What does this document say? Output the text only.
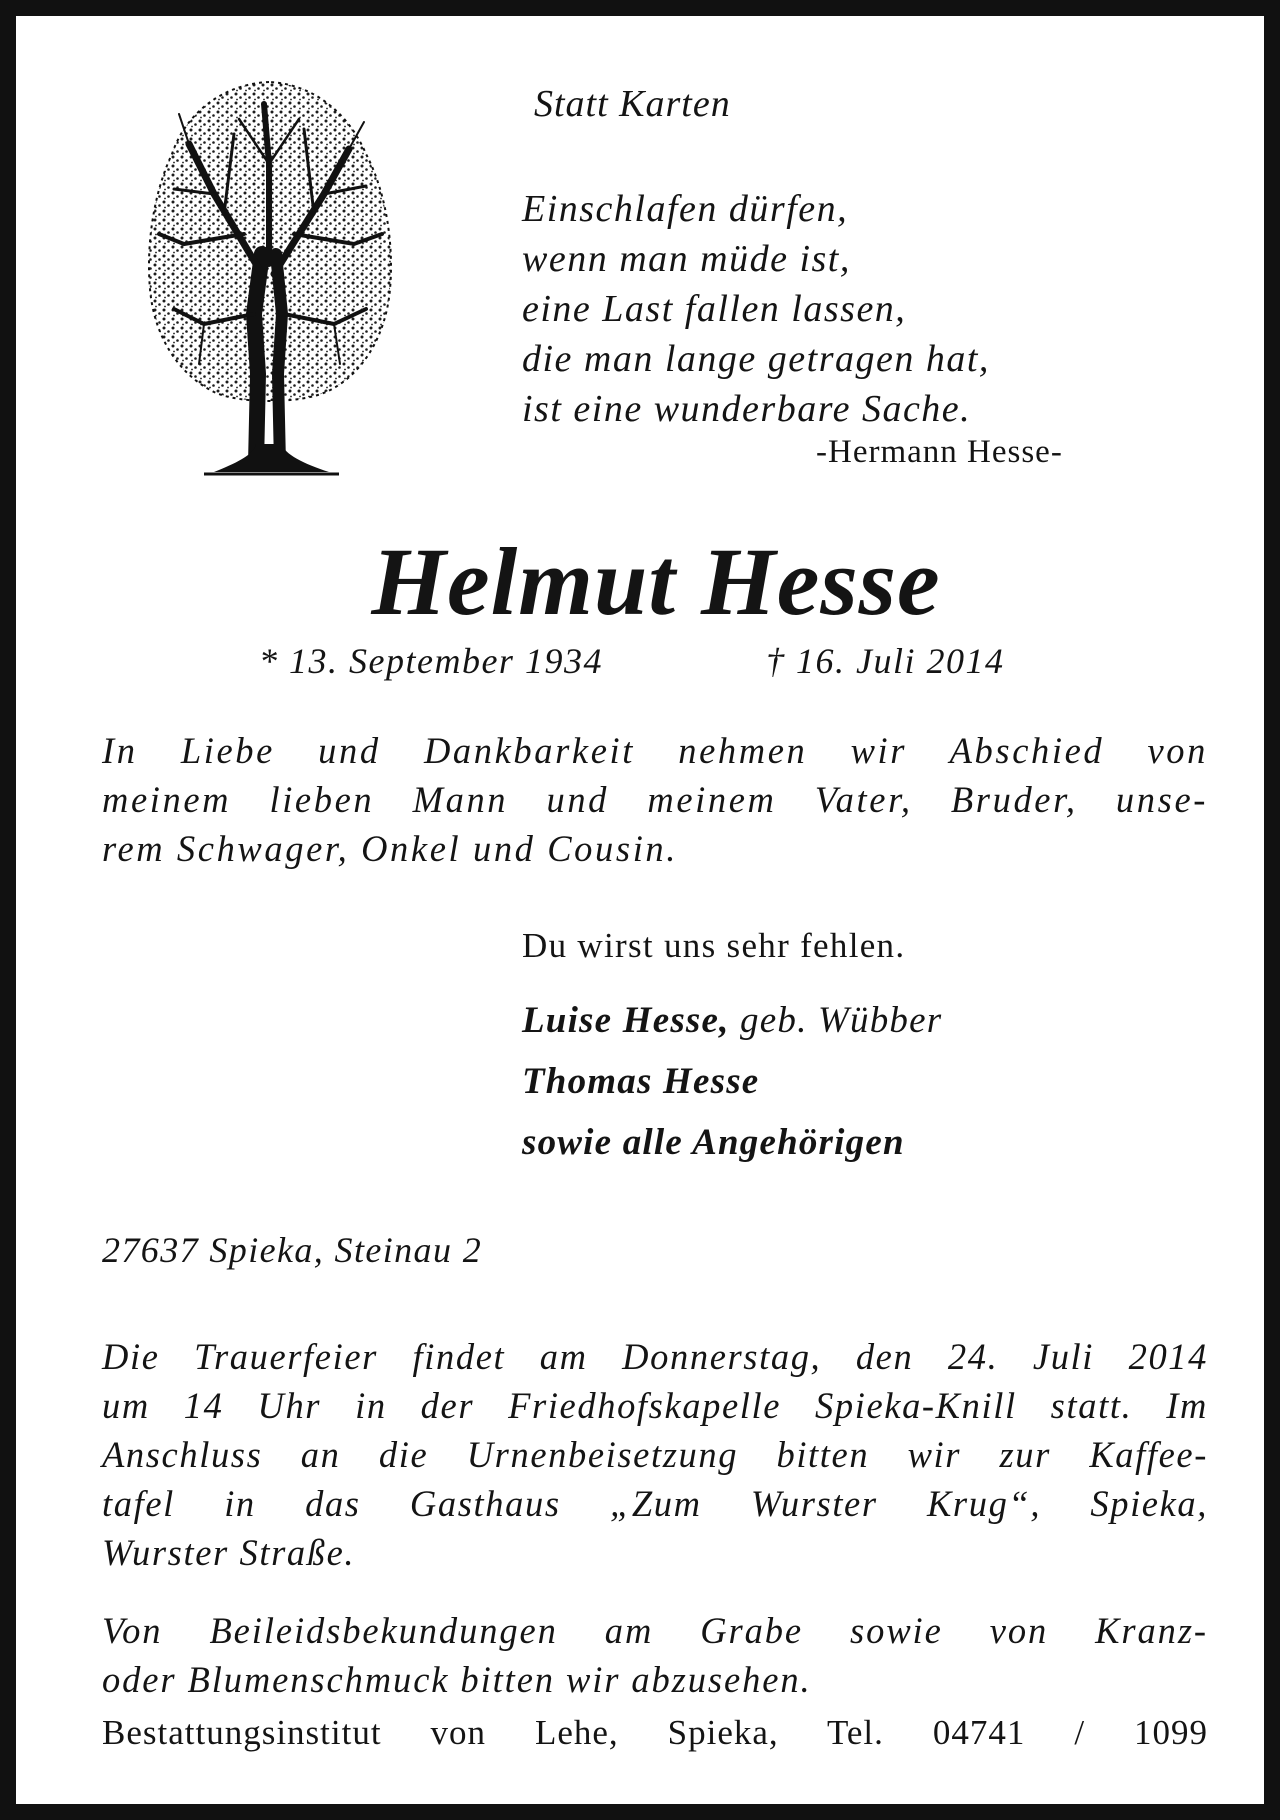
Statt Karten
Einschlafen dürfen,
wenn man müde ist,
eine Last fallen lassen,
die man lange getragen hat,
ist eine wunderbare Sache.
-Hermann Hesse-
Helmut Hesse
* 13. September 1934	† 16. Juli 2014
In Liebe und Dankbarkeit nehmen wir Abschied von
meinem lieben Mann und meinem Vater, Bruder, unse-
rem Schwager, Onkel und Cousin.
Du wirst uns sehr fehlen.
Luise Hesse, geb. Wübber
Thomas Hesse
sowie alle Angehörigen
27637 Spieka, Steinau 2
Die Trauerfeier findet am Donnerstag, den 24. Juli 2014
um 14 Uhr in der Friedhofskapelle Spieka-Knill statt. Im
Anschluss an die Urnenbeisetzung bitten wir zur Kaffee-
tafel in das Gasthaus „Zum Wurster Krug“, Spieka,
Wurster Straße.
Von Beileidsbekundungen am Grabe sowie von Kranz-
oder Blumenschmuck bitten wir abzusehen.
Bestattungsinstitut von Lehe, Spieka, Tel. 04741 / 1099
